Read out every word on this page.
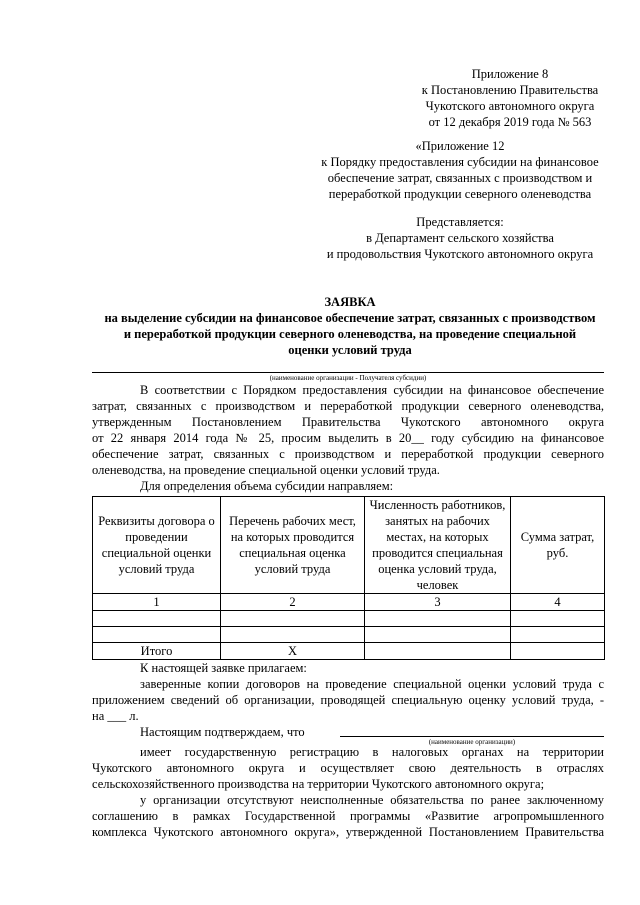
Приложение 8
к Постановлению Правительства
Чукотского автономного округа
от 12 декабря 2019 года № 563
«Приложение 12
к Порядку предоставления субсидии на финансовое
обеспечение затрат, связанных с производством и
переработкой продукции северного оленеводства
Представляется:
в Департамент сельского хозяйства
и продовольствия Чукотского автономного округа
ЗАЯВКА
на выделение субсидии на финансовое обеспечение затрат, связанных с производством
и переработкой продукции северного оленеводства, на проведение специальной
оценки условий труда
(наименование организации - Получателя субсидии)
В соответствии с Порядком предоставления субсидии на финансовое обеспечение
затрат, связанных с производством и переработкой продукции северного оленеводства,
утвержденным Постановлением Правительства Чукотского автономного округа
от 22 января 2014 года № 25, просим выделить в 20__ году субсидию на финансовое
обеспечение затрат, связанных с производством и переработкой продукции северного
оленеводства, на проведение специальной оценки условий труда.
Для определения объема субсидии направляем:
Реквизиты договора о проведении специальной оценки условий труда	Перечень рабочих мест, на которых проводится специальная оценка условий труда	Численность работников, занятых на рабочих местах, на которых проводится специальная оценка условий труда, человек	Сумма затрат, руб.
1	2	3	4

Итого	Х		
К настоящей заявке прилагаем:
заверенные копии договоров на проведение специальной оценки условий труда с
приложением сведений об организации, проводящей специальную оценку условий труда, -
на ___ л.
Настоящим подтверждаем, что
(наименование организации)
имеет государственную регистрацию в налоговых органах на территории
Чукотского автономного округа и осуществляет свою деятельность в отраслях
сельскохозяйственного производства на территории Чукотского автономного округа;
у организации отсутствуют неисполненные обязательства по ранее заключенному
соглашению в рамках Государственной программы «Развитие агропромышленного
комплекса Чукотского автономного округа», утвержденной Постановлением Правительства
